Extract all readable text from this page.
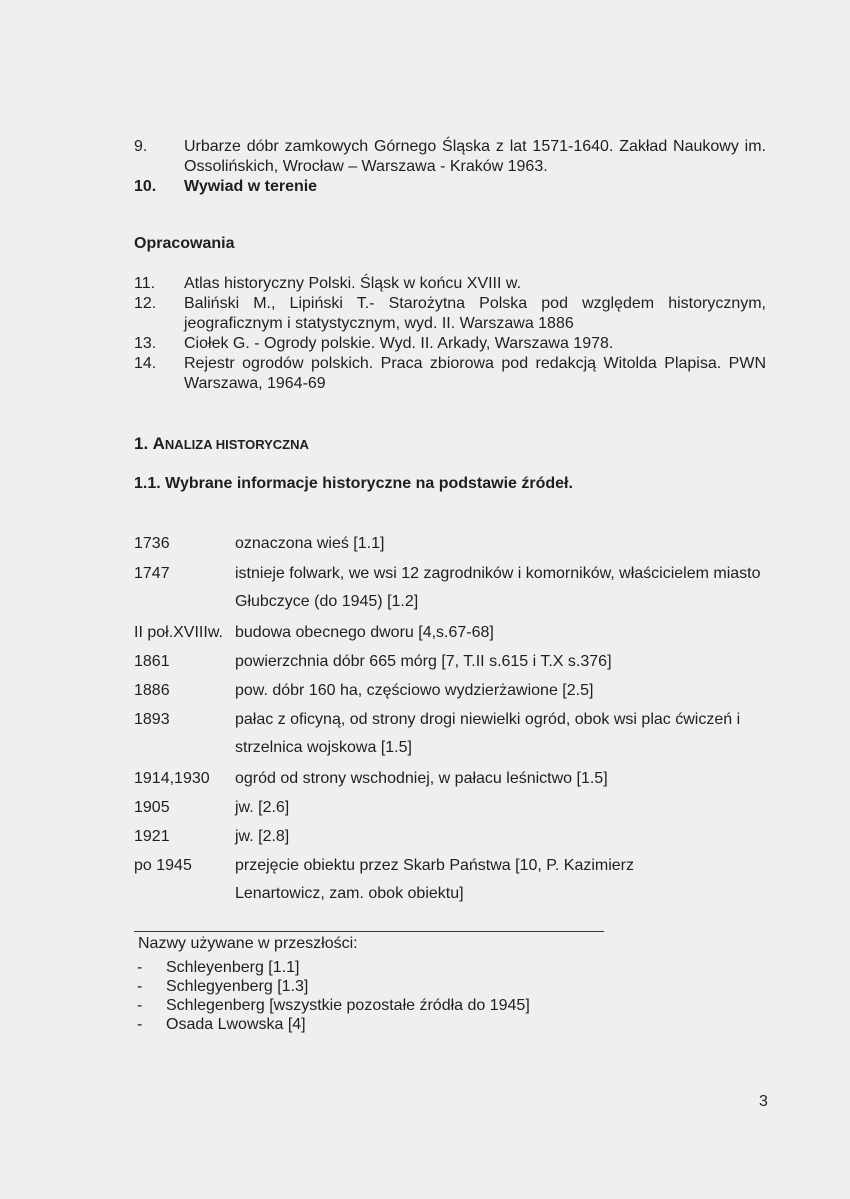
9. Urbarze dóbr zamkowych Górnego Śląska z lat 1571-1640. Zakład Naukowy im. Ossolińskich, Wrocław – Warszawa - Kraków 1963.
10. Wywiad w terenie
Opracowania
11. Atlas historyczny Polski. Śląsk w końcu XVIII w.
12. Baliński M., Lipiński T.- Starożytna Polska pod względem historycznym, jeograficznym i statystycznym, wyd. II. Warszawa 1886
13. Ciołek G. - Ogrody polskie. Wyd. II. Arkady, Warszawa 1978.
14. Rejestr ogrodów polskich. Praca zbiorowa pod redakcją Witolda Plapisa. PWN Warszawa, 1964-69
1. ANALIZA HISTORYCZNA
1.1. Wybrane informacje historyczne na podstawie źródeł.
1736	oznaczona wieś [1.1]
1747	istnieje folwark, we wsi 12 zagrodników i komorników, właścicielem miasto Głubczyce (do 1945) [1.2]
II poł.XVIIIw. budowa obecnego dworu [4,s.67-68]
1861	powierzchnia dóbr 665 mórg [7, T.II s.615 i T.X s.376]
1886	pow. dóbr 160 ha, częściowo wydzierżawione [2.5]
1893	pałac z oficyną, od strony drogi niewielki ogród, obok wsi plac ćwiczeń i strzelnica wojskowa [1.5]
1914,1930	ogród od strony wschodniej, w pałacu leśnictwo [1.5]
1905	jw. [2.6]
1921	jw. [2.8]
po 1945	przejęcie obiektu przez Skarb Państwa [10, P. Kazimierz Lenartowicz, zam. obok obiektu]
Nazwy używane w przeszłości:
- Schleyenberg [1.1]
- Schlegyenberg [1.3]
- Schlegenberg [wszystkie pozostałe źródła do 1945]
- Osada Lwowska [4]
3
